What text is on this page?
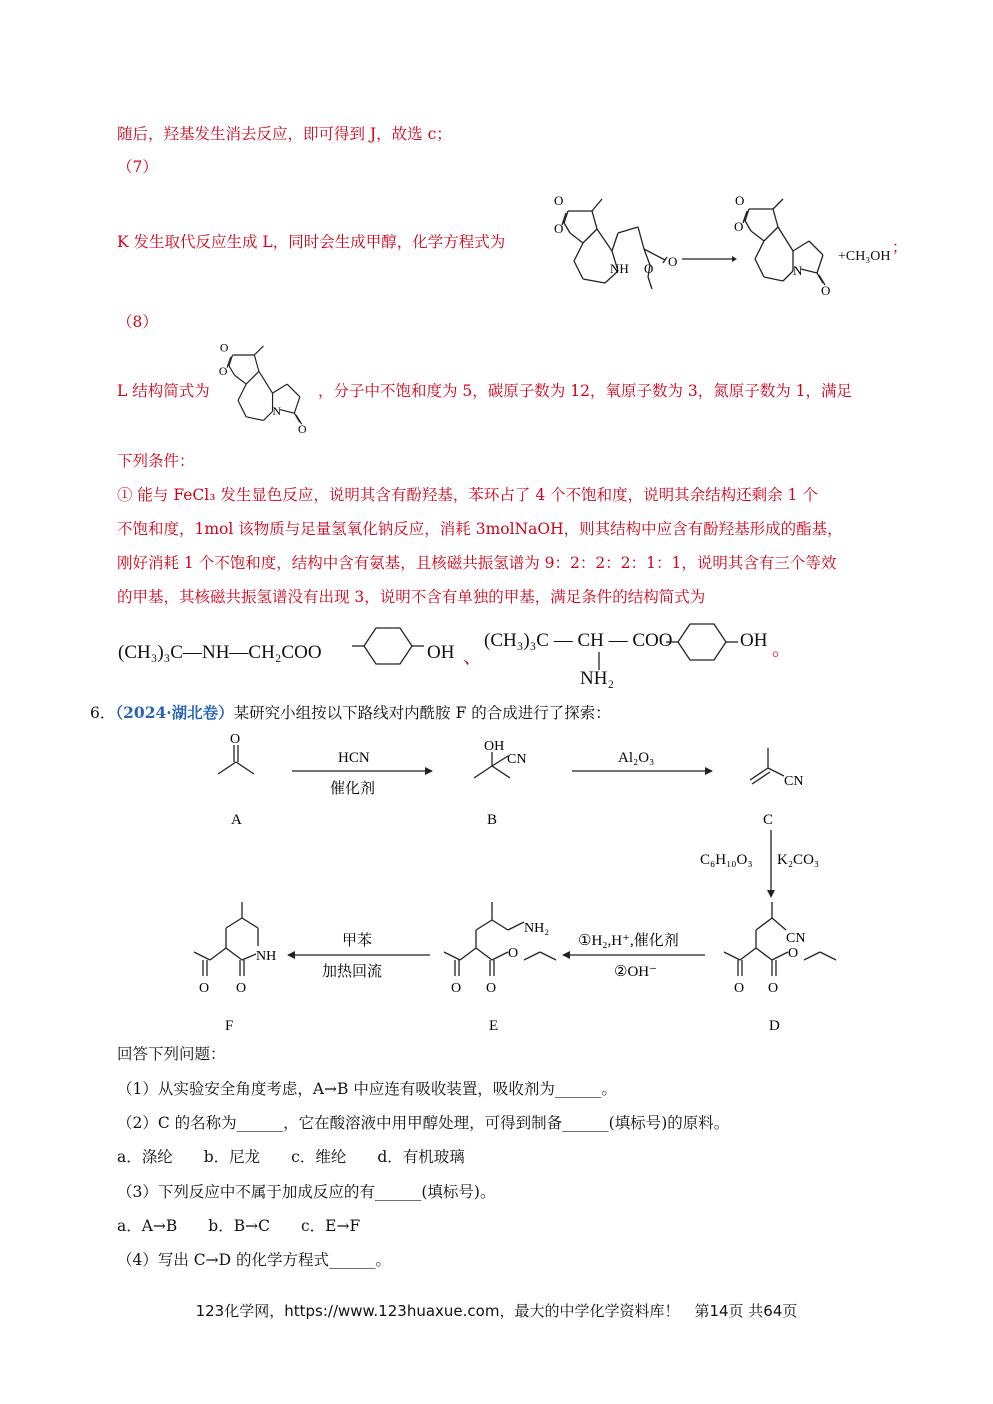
随后，羟基发生消去反应，即可得到 J，故选 c；
（7）
K 发生取代反应生成 L，同时会生成甲醇，化学方程式为
O
O
NH O O →
O
O
N
O
+CH₃OH
；
（8）
L 结构简式为
O
O
N
O
，分子中不饱和度为 5，碳原子数为 12，氧原子数为 3，氮原子数为 1，满足
下列条件：
① 能与 FeCl₃ 发生显色反应，说明其含有酚羟基，苯环占了 4 个不饱和度，说明其余结构还剩余 1 个
不饱和度，1mol 该物质与足量氢氧化钠反应，消耗 3molNaOH，则其结构中应含有酚羟基形成的酯基，
刚好消耗 1 个不饱和度，结构中含有氨基，且核磁共振氢谱为 9：2：2：2：1：1，说明其含有三个等效
的甲基，其核磁共振氢谱没有出现 3，说明不含有单独的甲基，满足条件的结构简式为
(CH₃)₃C—NH—CH₂COO	OH 、
(CH₃)₃C — CH — COO
NH₂
OH 。
6．（2024·湖北卷）某研究小组按以下路线对内酰胺 F 的合成进行了探索：
HCN
催化剂
Al₂O₃
C₆H₁₀O₃ K₂CO₃
①H₂,H⁺,催化剂
②OH⁻
甲苯
加热回流
O	OH
CN
CN
CN
O
O
O
NH₂
O
O
O
NH
O
O
A	B	C
D
E
F
回答下列问题：
（1）从实验安全角度考虑，A→B 中应连有吸收装置，吸收剂为______。
（2）C 的名称为______，它在酸溶液中用甲醇处理，可得到制备______(填标号)的原料。
a．涤纶　　b．尼龙　　c．维纶　　d．有机玻璃
（3）下列反应中不属于加成反应的有______(填标号)。
a．A→B　　b．B→C　　c．E→F
（4）写出 C→D 的化学方程式______。
123化学网，https://www.123huaxue.com，最大的中学化学资料库！　第14页 共64页
